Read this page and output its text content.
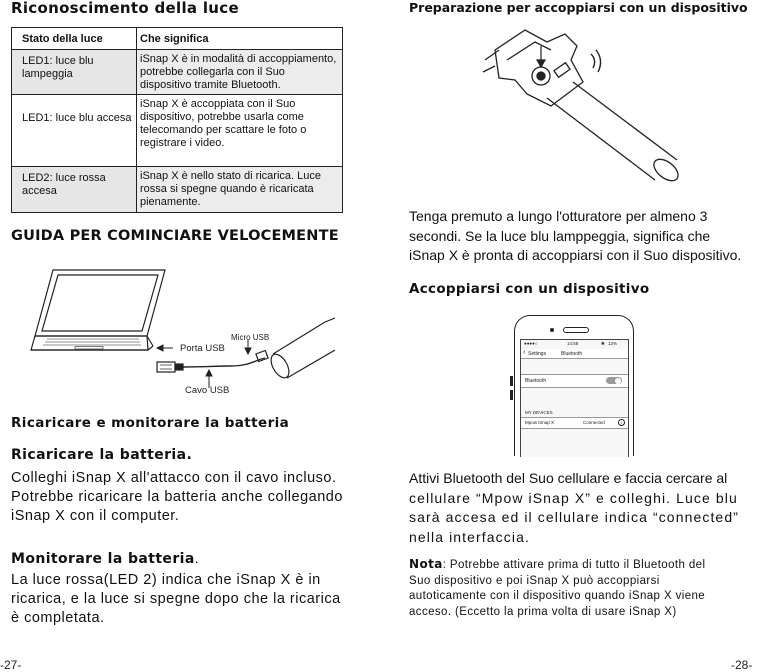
Riconoscimento della luce
Stato della luce	Che significa
LED1: luce blu lampeggia	iSnap X è in modalità di accoppiamento, potrebbe collegarla con il Suo dispositivo tramite Bluetooth.
LED1: luce blu accesa	iSnap X è accoppiata con il Suo dispositivo, potrebbe usarla come telecomando per scattare le foto o registrare i video.
LED2: luce rossa accesa	iSnap X è nello stato di ricarica. Luce rossa si spegne quando è ricaricata pienamente.
GUIDA PER COMINCIARE VELOCEMENTE
Micro USB
Porta USB
Cavo USB
Ricaricare e monitorare la batteria
Ricaricare la batteria.
Colleghi iSnap X all'attacco con il cavo incluso.
Potrebbe ricaricare la batteria anche collegando
iSnap X con il computer.
Monitorare la batteria.
La luce rossa(LED 2) indica che iSnap X è in
ricarica, e la luce si spegne dopo che la ricarica
è completata.
-27-
Preparazione per accoppiarsi con un dispositivo
Tenga premuto a lungo l'otturatore per almeno 3
secondi. Se la luce blu lamppeggia, significa che
iSnap X è pronta di accoppiarsi con il Suo dispositivo.
Accoppiarsi con un dispositivo
●●●●○	14:58	✱ 12%
‹ Settings	Bluetooth
Bluetooth
MY DEVICES
Mpow iSnap X	Connected	i
Attivi Bluetooth del Suo cellulare e faccia cercare al
cellulare “Mpow iSnap X” e colleghi. Luce blu
sarà accesa ed il cellulare indica “connected”
nella interfaccia.
Nota: Potrebbe attivare prima di tutto il Bluetooth del
Suo dispositivo e poi iSnap X può accoppiarsi
autoticamente con il dispositivo quando iSnap X viene
acceso. (Eccetto la prima volta di usare iSnap X)
-28-
